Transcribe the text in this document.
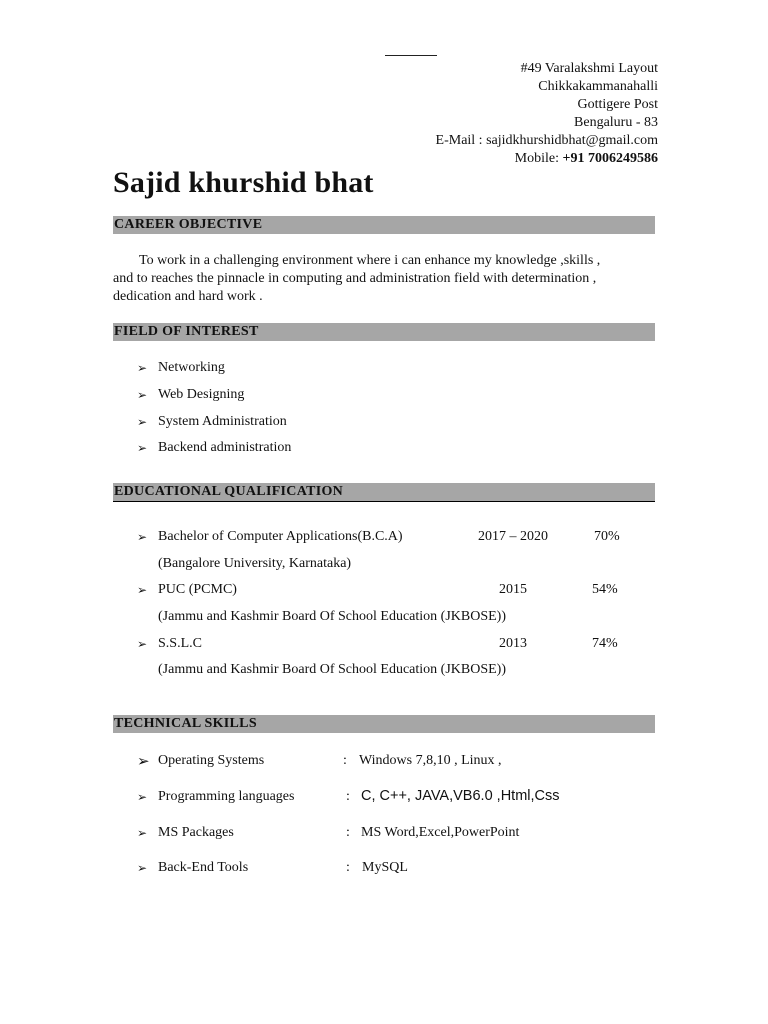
#49 Varalakshmi Layout
Chikkakammanahalli
Gottigere Post
Bengaluru - 83
E-Mail : sajidkhurshidbhat@gmail.com
Mobile: +91 7006249586
Sajid khurshid bhat
CAREER OBJECTIVE
To work in a challenging environment where i can enhance my knowledge ,skills ,
and to reaches the pinnacle in computing and administration field with determination ,
dedication and hard work .
FIELD OF INTEREST
➢ Networking
➢ Web Designing
➢ System Administration
➢ Backend administration
EDUCATIONAL QUALIFICATION
➢ Bachelor of Computer Applications(B.C.A)	2017 – 2020	70%
(Bangalore University, Karnataka)
➢ PUC (PCMC)	2015	54%
(Jammu and Kashmir Board Of School Education (JKBOSE))
➢ S.S.L.C	2013	74%
(Jammu and Kashmir Board Of School Education (JKBOSE))
TECHNICAL SKILLS
➢ Operating Systems	: Windows 7,8,10 , Linux ,
➢ Programming languages	: C, C++, JAVA,VB6.0 ,Html,Css
➢ MS Packages	: MS Word,Excel,PowerPoint
➢ Back-End Tools	: MySQL
